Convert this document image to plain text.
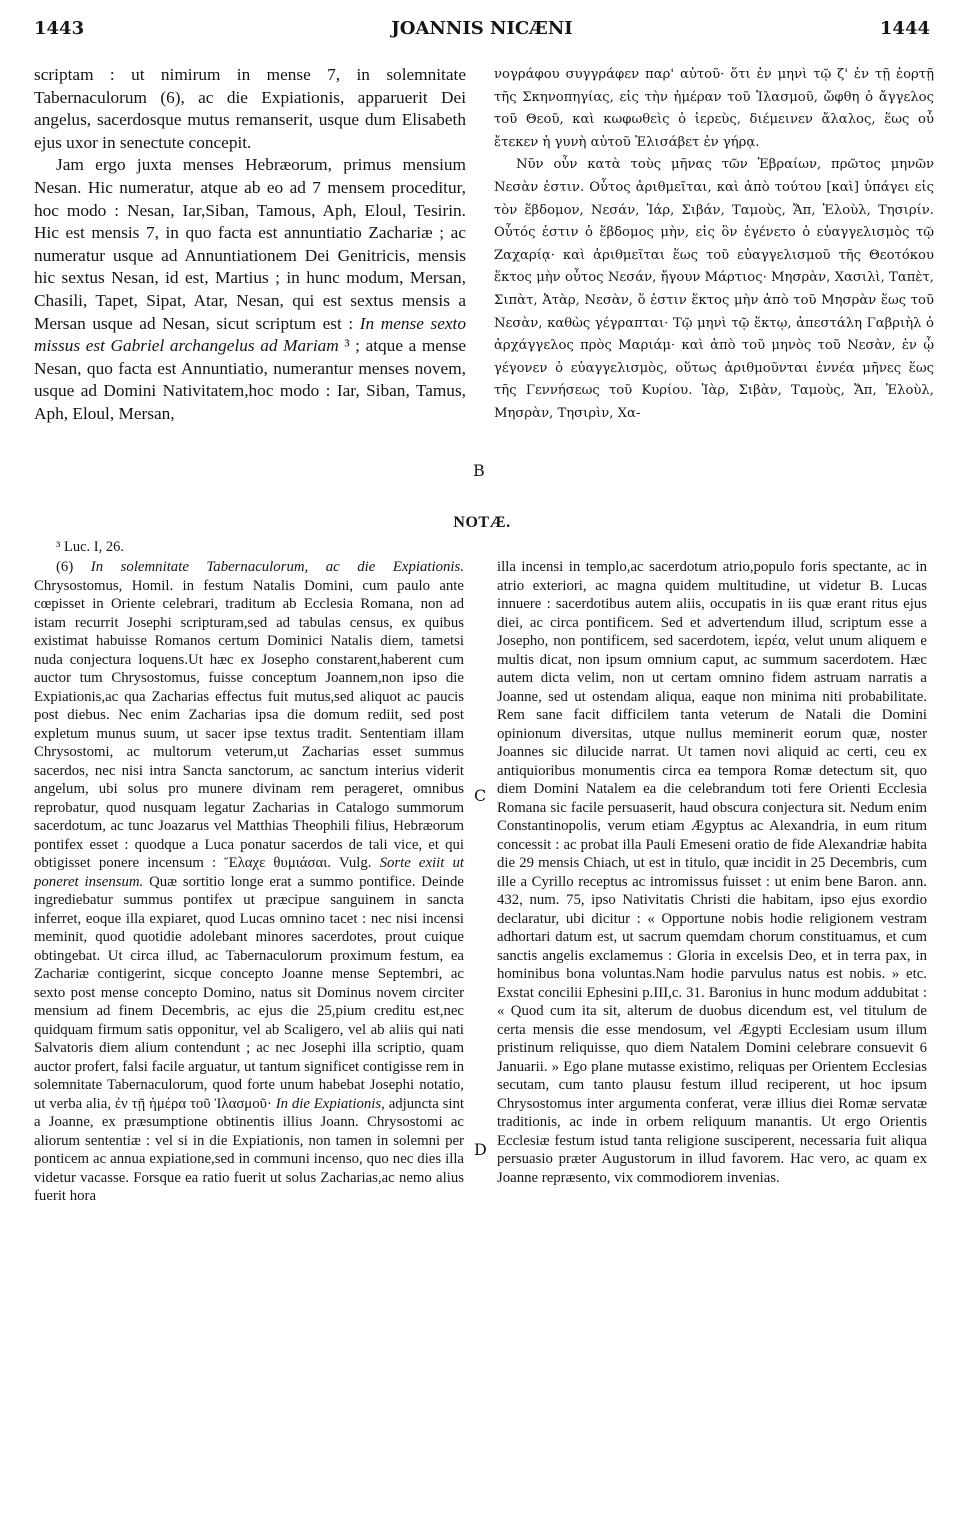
1443	JOANNIS NICÆNI	1444

scriptam : ut nimirum in mense 7, in solemnitate Tabernaculorum (6), ac die Expiationis, apparuerit Dei angelus, sacerdosque mutus remanserit, usque dum Elisabeth ejus uxor in senectute concepit.

Jam ergo juxta menses Hebræorum, primus mensium Nesan. Hic numeratur, atque ab eo ad 7 mensem proceditur, hoc modo : Nesan, Iar,Siban, Tamous, Aph, Eloul, Tesirin. Hic est mensis 7, in quo facta est annuntiatio Zachariæ ; ac numeratur usque ad Annuntiationem Dei Genitricis, mensis hic sextus Nesan, id est, Martius ; in hunc modum, Mersan, Chasili, Tapet, Sipat, Atar, Nesan, qui est sextus mensis a Mersan usque ad Nesan, sicut scriptum est : In mense sexto missus est Gabriel archangelus ad Mariam ³ ; atque a mense Nesan, quo facta est Annuntiatio, numerantur menses novem, usque ad Domini Nativitatem,hoc modo : Iar, Siban, Tamus, Aph, Eloul, Mersan,

B

νογράφου συγγράφεν παρ' αὐτοῦ· ὅτι ἐν μηνὶ τῷ ζ' ἐν τῇ ἑορτῇ τῆς Σκηνοπηγίας, εἰς τὴν ἡμέραν τοῦ Ἱλασμοῦ, ὤφθη ὁ ἄγγελος τοῦ Θεοῦ, καὶ κωφωθεὶς ὁ ἱερεὺς, διέμεινεν ἄλαλος, ἕως οὗ ἔτεκεν ἡ γυνὴ αὐτοῦ Ἐλισάβετ ἐν γήρᾳ.

Νῦν οὖν κατὰ τοὺς μῆνας τῶν Ἑβραίων, πρῶτος μηνῶν Νεσὰν ἐστιν. Οὗτος ἀριθμεῖται, καὶ ἀπὸ τούτου [καὶ] ὑπάγει εἰς τὸν ἕβδομον, Νεσάν, Ἰάρ, Σιβάν, Ταμοὺς, Ἄπ, Ἐλοὺλ, Τησιρίν. Οὗτός ἐστιν ὁ ἕβδομος μὴν, εἰς ὃν ἐγένετο ὁ εὐαγγελισμὸς τῷ Ζαχαρίᾳ· καὶ ἀριθμεῖται ἕως τοῦ εὐαγγελισμοῦ τῆς Θεοτόκου ἕκτος μὴν οὗτος Νεσάν, ἤγουν Μάρτιος· Μησρὰν, Χασιλὶ, Ταπὲτ, Σιπὰτ, Ἀτὰρ, Νεσὰν, ὅ ἐστιν ἕκτος μὴν ἀπὸ τοῦ Μησρὰν ἕως τοῦ Νεσὰν, καθὼς γέγραπται· Τῷ μηνὶ τῷ ἕκτῳ, ἀπεστάλη Γαβριὴλ ὁ ἀρχάγγελος πρὸς Μαριάμ· καὶ ἀπὸ τοῦ μηνὸς τοῦ Νεσὰν, ἐν ᾧ γέγονεν ὁ εὐαγγελισμὸς, οὕτως ἀριθμοῦνται ἐννέα μῆνες ἕως τῆς Γεννήσεως τοῦ Κυρίου. Ἰὰρ, Σιβὰν, Ταμοὺς, Ἄπ, Ἐλοὺλ, Μησρὰν, Τησιρὶν, Χα-

NOTÆ.
³ Luc. I, 26.

(6) In solemnitate Tabernaculorum, ac die Expiationis. Chrysostomus, Homil. in festum Natalis Domini, cum paulo ante cœpisset in Oriente celebrari, traditum ab Ecclesia Romana, non ad istam recurrit Josephi scripturam,sed ad tabulas census, ex quibus existimat habuisse Romanos certum Dominici Natalis diem, tametsi nuda conjectura loquens.Ut hæc ex Josepho constarent,haberent cum auctor tum Chrysostomus, fuisse conceptum Joannem,non ipso die Expiationis,ac qua Zacharias effectus fuit mutus,sed aliquot ac paucis post diebus. Nec enim Zacharias ipsa die domum rediit, sed post expletum munus suum, ut sacer ipse textus tradit. Sententiam illam Chrysostomi, ac multorum veterum,ut Zacharias esset summus sacerdos, nec nisi intra Sancta sanctorum, ac sanctum interius viderit angelum, ubi solus pro munere divinam rem perageret, omnibus reprobatur, quod nusquam legatur Zacharias in Catalogo summorum sacerdotum, ac tunc Joazarus vel Matthias Theophili filius, Hebræorum pontifex esset : quodque a Luca ponatur sacerdos de tali vice, et qui obtigisset ponere incensum : Ἔλαχε θυμιάσαι. Vulg. Sorte exiit ut poneret insensum. Quæ sortitio longe erat a summo pontifice. Deinde ingrediebatur summus pontifex ut præcipue sanguinem in sancta inferret, eoque illa expiaret, quod Lucas omnino tacet : nec nisi incensi meminit, quod quotidie adolebant minores sacerdotes, prout cuique obtingebat. Ut circa illud, ac Tabernaculorum proximum festum, ea Zachariæ contigerint, sicque concepto Joanne mense Septembri, ac sexto post mense concepto Domino, natus sit Dominus novem circiter mensium ad finem Decembris, ac ejus die 25,pium creditu est,nec quidquam firmum satis opponitur, vel ab Scaligero, vel ab aliis qui nati Salvatoris diem alium contendunt ; ac nec Josephi illa scriptio, quam auctor profert, falsi facile arguatur, ut tantum significet contigisse rem in solemnitate Tabernaculorum, quod forte unum habebat Josephi notatio, ut verba alia, ἐν τῇ ἡμέρα τοῦ Ἱλασμοῦ· In die Expiationis, adjuncta sint a Joanne, ex præsumptione obtinentis illius Joann. Chrysostomi ac aliorum sententiæ : vel si in die Expiationis, non tamen in solemni per ponticem ac annua expiatione,sed in communi incenso, quo nec dies illa videtur vacasse. Forsque ea ratio fuerit ut solus Zacharias,ac nemo alius fuerit hora

C
D

illa incensi in templo,ac sacerdotum atrio,populo foris spectante, ac in atrio exteriori, ac magna quidem multitudine, ut videtur B. Lucas innuere : sacerdotibus autem aliis, occupatis in iis quæ erant ritus ejus diei, ac circa pontificem. Sed et advertendum illud, scriptum esse a Josepho, non pontificem, sed sacerdotem, ἱερέα, velut unum aliquem e multis dicat, non ipsum omnium caput, ac summum sacerdotem. Hæc autem dicta velim, non ut certam omnino fidem astruam narratis a Joanne, sed ut ostendam aliqua, eaque non minima niti probabilitate. Rem sane facit difficilem tanta veterum de Natali die Domini opinionum diversitas, utque nullus meminerit eorum quæ, noster Joannes sic dilucide narrat. Ut tamen novi aliquid ac certi, ceu ex antiquioribus monumentis circa ea tempora Romæ detectum sit, quo diem Domini Natalem ea die celebrandum toti fere Orienti Ecclesia Romana sic facile persuaserit, haud obscura conjectura sit. Nedum enim Constantinopolis, verum etiam Ægyptus ac Alexandria, in eum ritum concessit : ac probat illa Pauli Emeseni oratio de fide Alexandriæ habita die 29 mensis Chiach, ut est in titulo, quæ incidit in 25 Decembris, cum ille a Cyrillo receptus ac intromissus fuisset : ut enim bene Baron. ann. 432, num. 75, ipso Nativitatis Christi die habitam, ipso ejus exordio declaratur, ubi dicitur : « Opportune nobis hodie religionem vestram adhortari datum est, ut sacrum quemdam chorum constituamus, et cum sanctis angelis exclamemus : Gloria in excelsis Deo, et in terra pax, in hominibus bona voluntas.Nam hodie parvulus natus est nobis. » etc. Exstat concilii Ephesini p.III,c. 31. Baronius in hunc modum addubitat : « Quod cum ita sit, alterum de duobus dicendum est, vel titulum de certa mensis die esse mendosum, vel Ægypti Ecclesiam usum illum pristinum reliquisse, quo diem Natalem Domini celebrare consuevit 6 Januarii. » Ego plane mutasse existimo, reliquas per Orientem Ecclesias secutam, cum tanto plausu festum illud reciperent, ut hoc ipsum Chrysostomus inter argumenta conferat, veræ illius diei Romæ servatæ traditionis, ac inde in orbem reliquum manantis. Ut ergo Orientis Ecclesiæ festum istud tanta religione susciperent, necessaria fuit aliqua persuasio præter Augustorum in illud favorem. Hac vero, ac quam ex Joanne repræsento, vix commodiorem invenias.
